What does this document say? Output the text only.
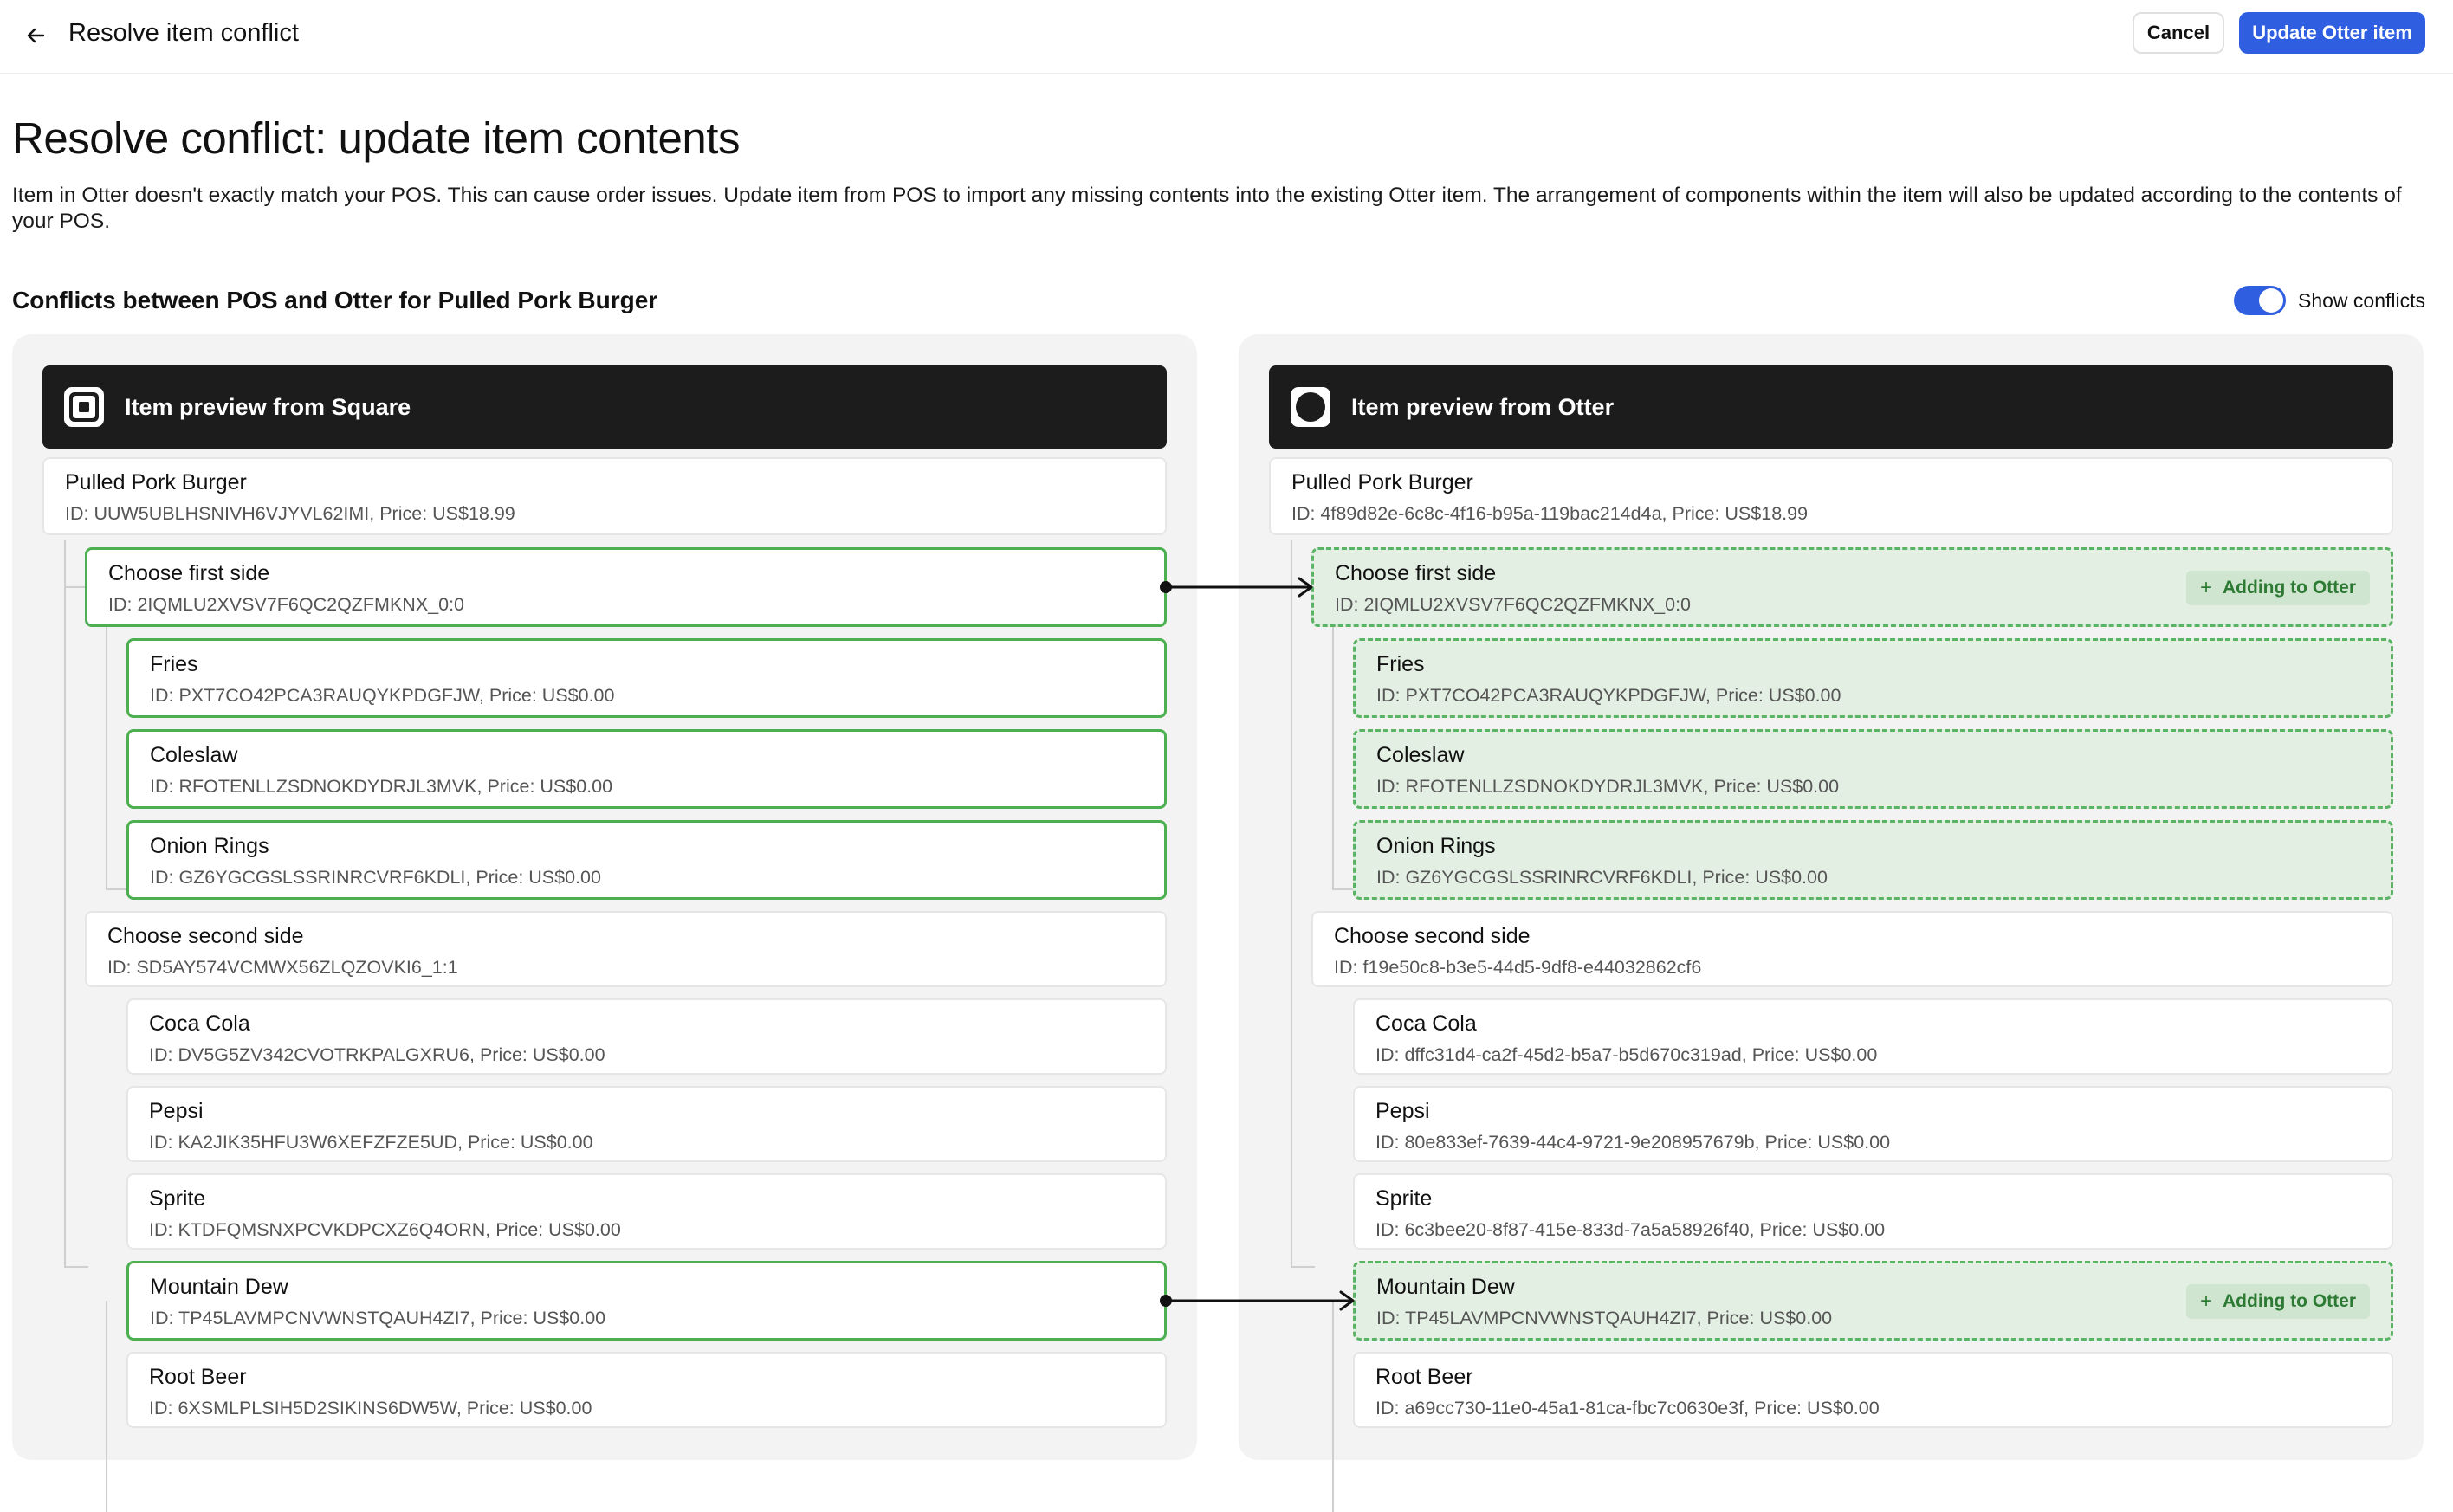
Resolve item conflict	Cancel	Update Otter item
Resolve conflict: update item contents
Item in Otter doesn't exactly match your POS. This can cause order issues. Update item from POS to import any missing contents into the existing Otter item. The arrangement of components within the item will also be updated according to the contents of your POS.
Conflicts between POS and Otter for Pulled Pork Burger	Show conflicts
Item preview from Square
Pulled Pork Burger
ID: UUW5UBLHSNIVH6VJYVL62IMI, Price: US$18.99
Choose first side
ID: 2IQMLU2XVSV7F6QC2QZFMKNX_0:0
Fries
ID: PXT7CO42PCA3RAUQYKPDGFJW, Price: US$0.00
Coleslaw
ID: RFOTENLLZSDNOKDYDRJL3MVK, Price: US$0.00
Onion Rings
ID: GZ6YGCGSLSSRINRCVRF6KDLI, Price: US$0.00
Choose second side
ID: SD5AY574VCMWX56ZLQZOVKI6_1:1
Coca Cola
ID: DV5G5ZV342CVOTRKPALGXRU6, Price: US$0.00
Pepsi
ID: KA2JIK35HFU3W6XEFZFZE5UD, Price: US$0.00
Sprite
ID: KTDFQMSNXPCVKDPCXZ6Q4ORN, Price: US$0.00
Mountain Dew
ID: TP45LAVMPCNVWNSTQAUH4ZI7, Price: US$0.00
Root Beer
ID: 6XSMLPLSIH5D2SIKINS6DW5W, Price: US$0.00
Item preview from Otter
Pulled Pork Burger
ID: 4f89d82e-6c8c-4f16-b95a-119bac214d4a, Price: US$18.99
Choose first side
ID: 2IQMLU2XVSV7F6QC2QZFMKNX_0:0
+ Adding to Otter
Fries
ID: PXT7CO42PCA3RAUQYKPDGFJW, Price: US$0.00
Coleslaw
ID: RFOTENLLZSDNOKDYDRJL3MVK, Price: US$0.00
Onion Rings
ID: GZ6YGCGSLSSRINRCVRF6KDLI, Price: US$0.00
Choose second side
ID: f19e50c8-b3e5-44d5-9df8-e44032862cf6
Coca Cola
ID: dffc31d4-ca2f-45d2-b5a7-b5d670c319ad, Price: US$0.00
Pepsi
ID: 80e833ef-7639-44c4-9721-9e208957679b, Price: US$0.00
Sprite
ID: 6c3bee20-8f87-415e-833d-7a5a58926f40, Price: US$0.00
Mountain Dew
ID: TP45LAVMPCNVWNSTQAUH4ZI7, Price: US$0.00
+ Adding to Otter
Root Beer
ID: a69cc730-11e0-45a1-81ca-fbc7c0630e3f, Price: US$0.00
